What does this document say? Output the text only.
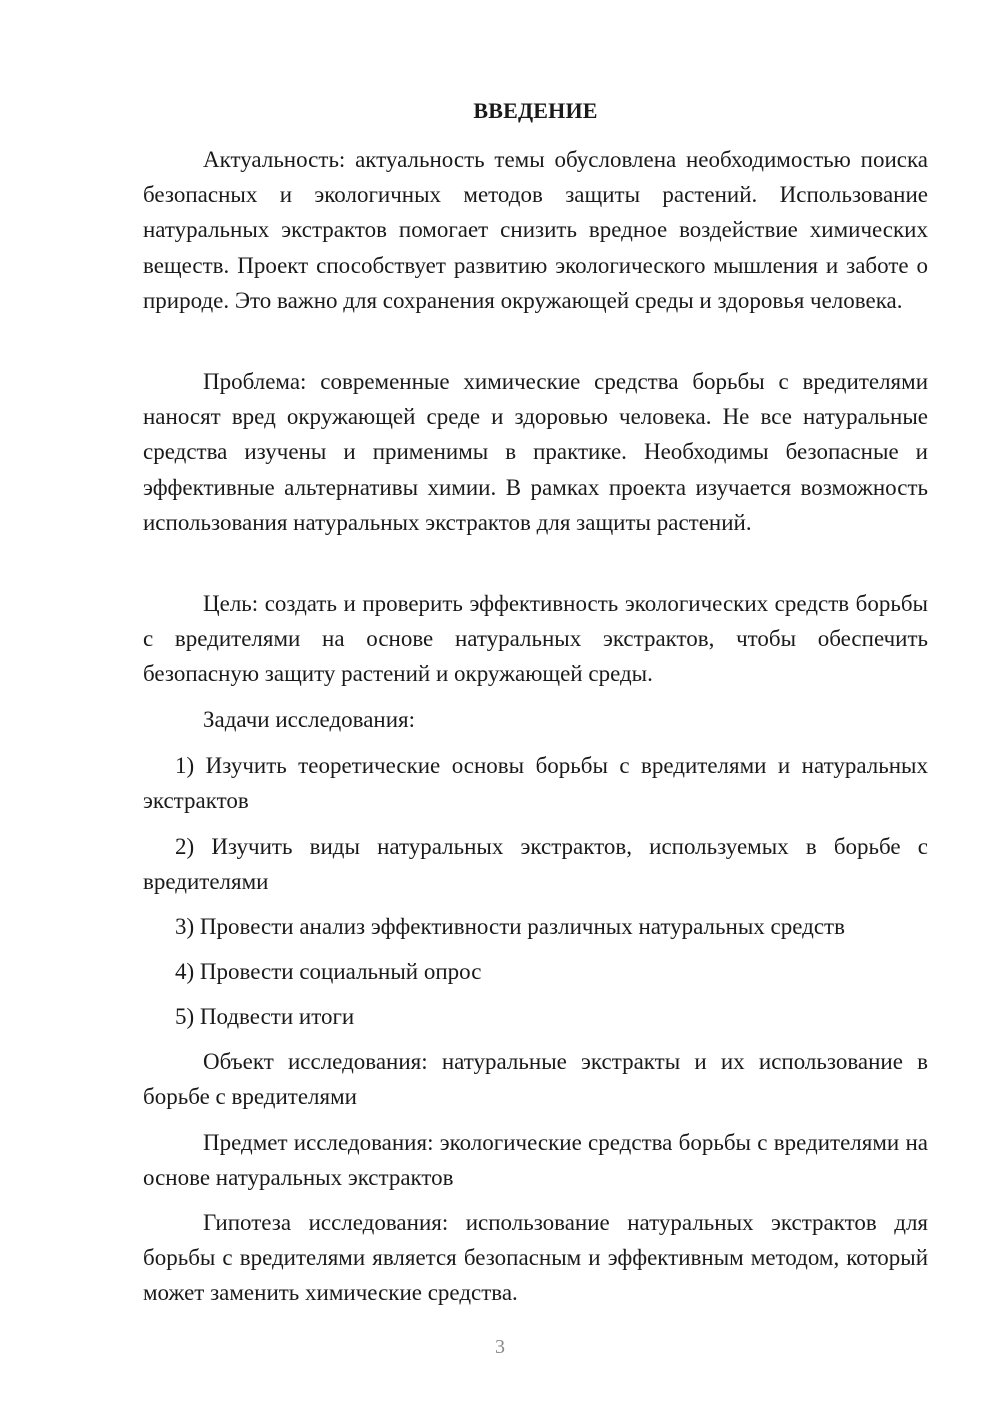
ВВЕДЕНИЕ

Актуальность: актуальность темы обусловлена необходимостью поиска безопасных и экологичных методов защиты растений. Использование натуральных экстрактов помогает снизить вредное воздействие химических веществ. Проект способствует развитию экологического мышления и заботе о природе. Это важно для сохранения окружающей среды и здоровья человека.

Проблема: современные химические средства борьбы с вредителями наносят вред окружающей среде и здоровью человека. Не все натуральные средства изучены и применимы в практике. Необходимы безопасные и эффективные альтернативы химии. В рамках проекта изучается возможность использования натуральных экстрактов для защиты растений.

Цель: создать и проверить эффективность экологических средств борьбы с вредителями на основе натуральных экстрактов, чтобы обеспечить безопасную защиту растений и окружающей среды.

Задачи исследования:

1) Изучить теоретические основы борьбы с вредителями и натуральных экстрактов

2) Изучить виды натуральных экстрактов, используемых в борьбе с вредителями

3) Провести анализ эффективности различных натуральных средств

4) Провести социальный опрос

5) Подвести итоги

Объект исследования: натуральные экстракты и их использование в борьбе с вредителями

Предмет исследования: экологические средства борьбы с вредителями на основе натуральных экстрактов

Гипотеза исследования: использование натуральных экстрактов для борьбы с вредителями является безопасным и эффективным методом, который может заменить химические средства.

3
